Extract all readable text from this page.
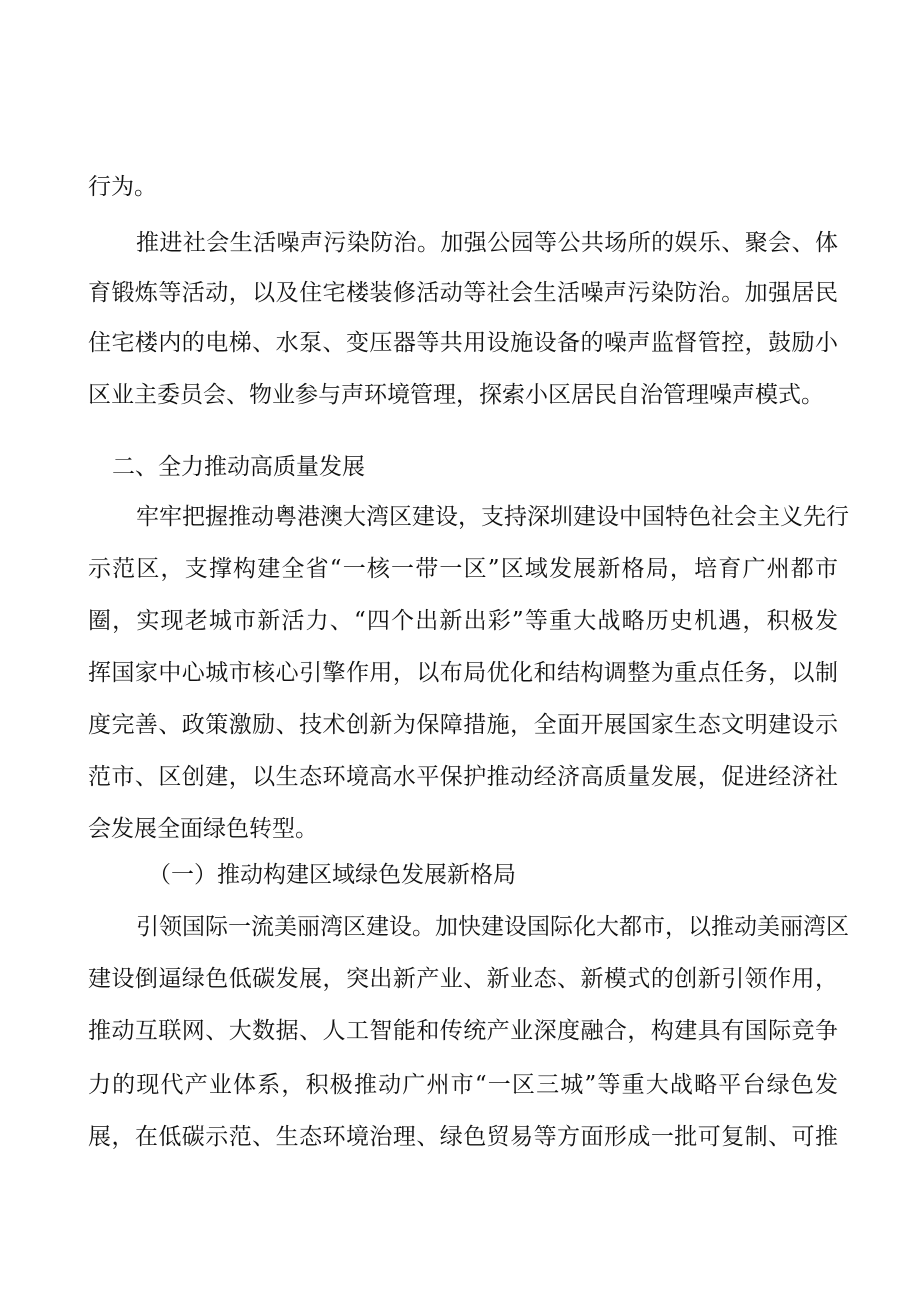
行为。
推进社会生活噪声污染防治。加强公园等公共场所的娱乐、聚会、体
育锻炼等活动，以及住宅楼装修活动等社会生活噪声污染防治。加强居民
住宅楼内的电梯、水泵、变压器等共用设施设备的噪声监督管控，鼓励小
区业主委员会、物业参与声环境管理，探索小区居民自治管理噪声模式。
二、全力推动高质量发展
牢牢把握推动粤港澳大湾区建设，支持深圳建设中国特色社会主义先行
示范区，支撑构建全省“一核一带一区”区域发展新格局，培育广州都市
圈，实现老城市新活力、“四个出新出彩”等重大战略历史机遇，积极发
挥国家中心城市核心引擎作用，以布局优化和结构调整为重点任务，以制
度完善、政策激励、技术创新为保障措施，全面开展国家生态文明建设示
范市、区创建，以生态环境高水平保护推动经济高质量发展，促进经济社
会发展全面绿色转型。
（一）推动构建区域绿色发展新格局
引领国际一流美丽湾区建设。加快建设国际化大都市，以推动美丽湾区
建设倒逼绿色低碳发展，突出新产业、新业态、新模式的创新引领作用，
推动互联网、大数据、人工智能和传统产业深度融合，构建具有国际竞争
力的现代产业体系，积极推动广州市“一区三城”等重大战略平台绿色发
展，在低碳示范、生态环境治理、绿色贸易等方面形成一批可复制、可推
